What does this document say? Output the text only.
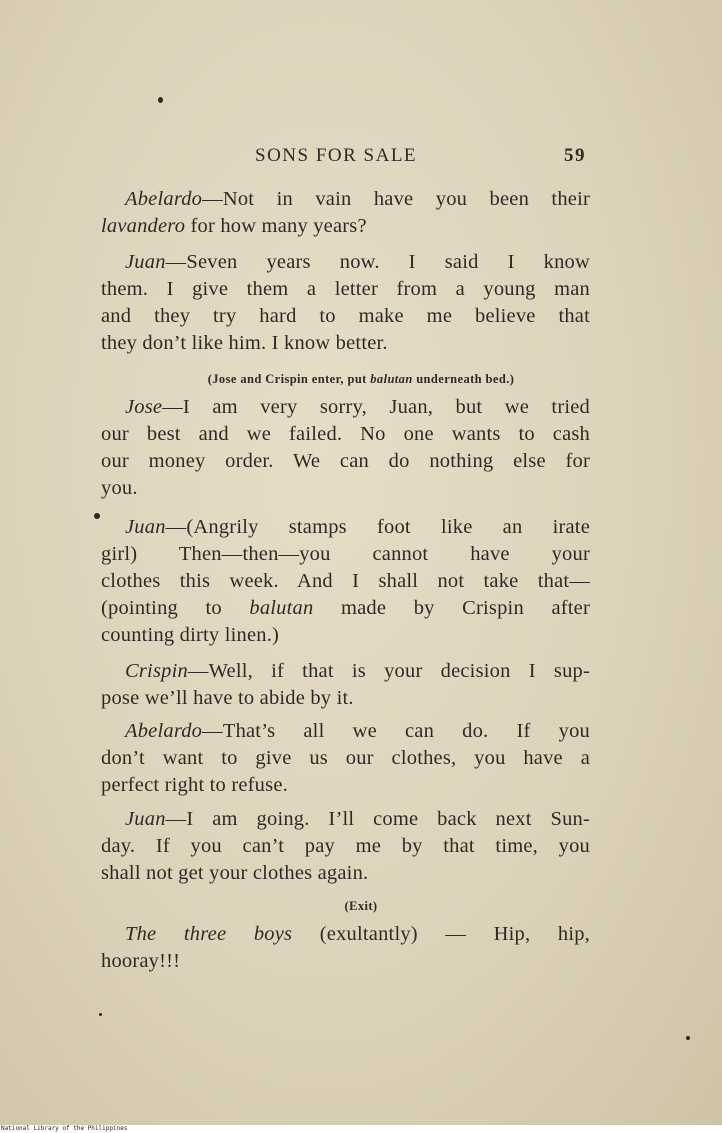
SONS FOR SALE	59
Abelardo—Not in vain have you been their
lavandero for how many years?
Juan—Seven years now. I said I know
them. I give them a letter from a young man
and they try hard to make me believe that
they don’t like him. I know better.
(Jose and Crispin enter, put balutan underneath bed.)
Jose—I am very sorry, Juan, but we tried
our best and we failed. No one wants to cash
our money order. We can do nothing else for
you.
Juan—(Angrily stamps foot like an irate
girl) Then—then—you cannot have your
clothes this week. And I shall not take that—
(pointing to balutan made by Crispin after
counting dirty linen.)
Crispin—Well, if that is your decision I sup-
pose we’ll have to abide by it.
Abelardo—That’s all we can do. If you
don’t want to give us our clothes, you have a
perfect right to refuse.
Juan—I am going. I’ll come back next Sun-
day. If you can’t pay me by that time, you
shall not get your clothes again.
(Exit)
The three boys (exultantly) — Hip, hip,
hooray!!!
National Library of the Philippines
